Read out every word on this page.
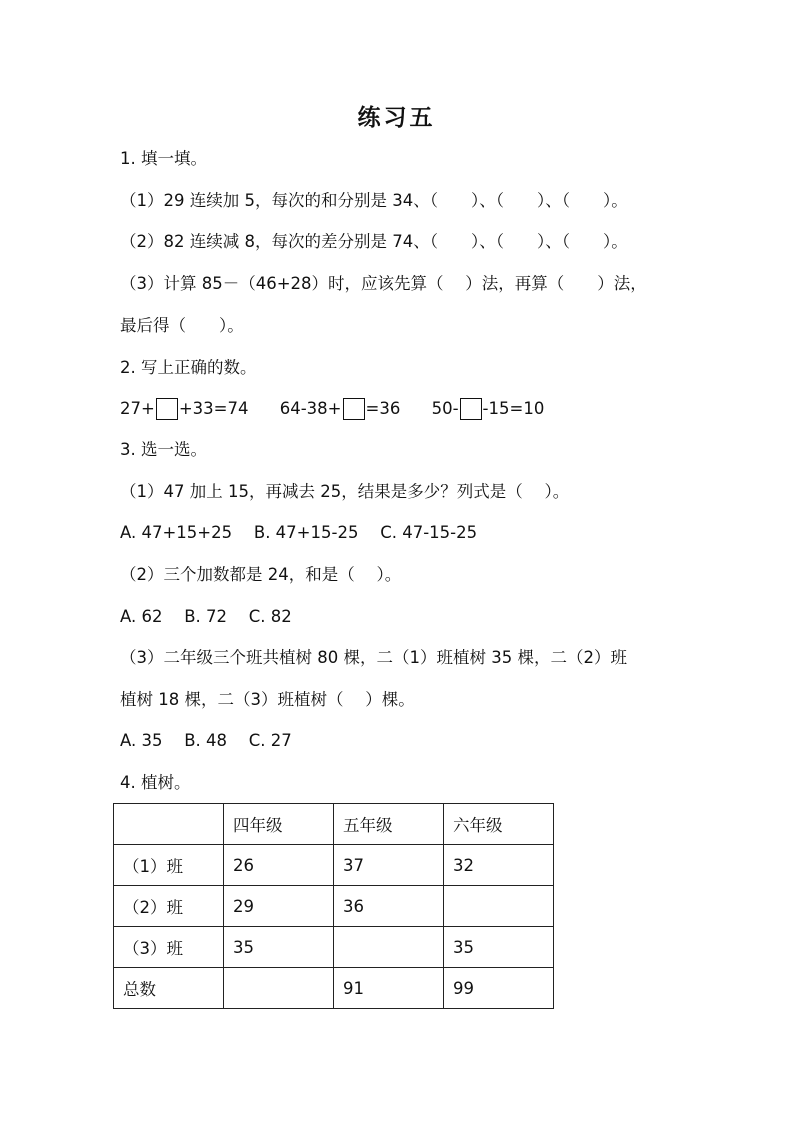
练习五
1. 填一填。
（1）29 连续加 5，每次的和分别是 34、（　　）、（　　）、（　　）。
（2）82 连续减 8，每次的差分别是 74、（　　）、（　　）、（　　）。
（3）计算 85－（46+28）时，应该先算（　 ）法，再算（　　）法，
最后得（　　）。
2. 写上正确的数。
27+ +33=74 64-38+ =36 50- -15=10
3. 选一选。
（1）47 加上 15，再减去 25，结果是多少？列式是（　 ）。
A. 47+15+25　 B. 47+15-25　 C. 47-15-25
（2）三个加数都是 24，和是（　 ）。
A. 62　 B. 72　 C. 82
（3）二年级三个班共植树 80 棵，二（1）班植树 35 棵，二（2）班
植树 18 棵，二（3）班植树（　 ）棵。
A. 35　 B. 48　 C. 27
4. 植树。
	四年级	五年级	六年级
（1）班	26	37	32
（2）班	29	36	
（3）班	35		35
总数		91	99
